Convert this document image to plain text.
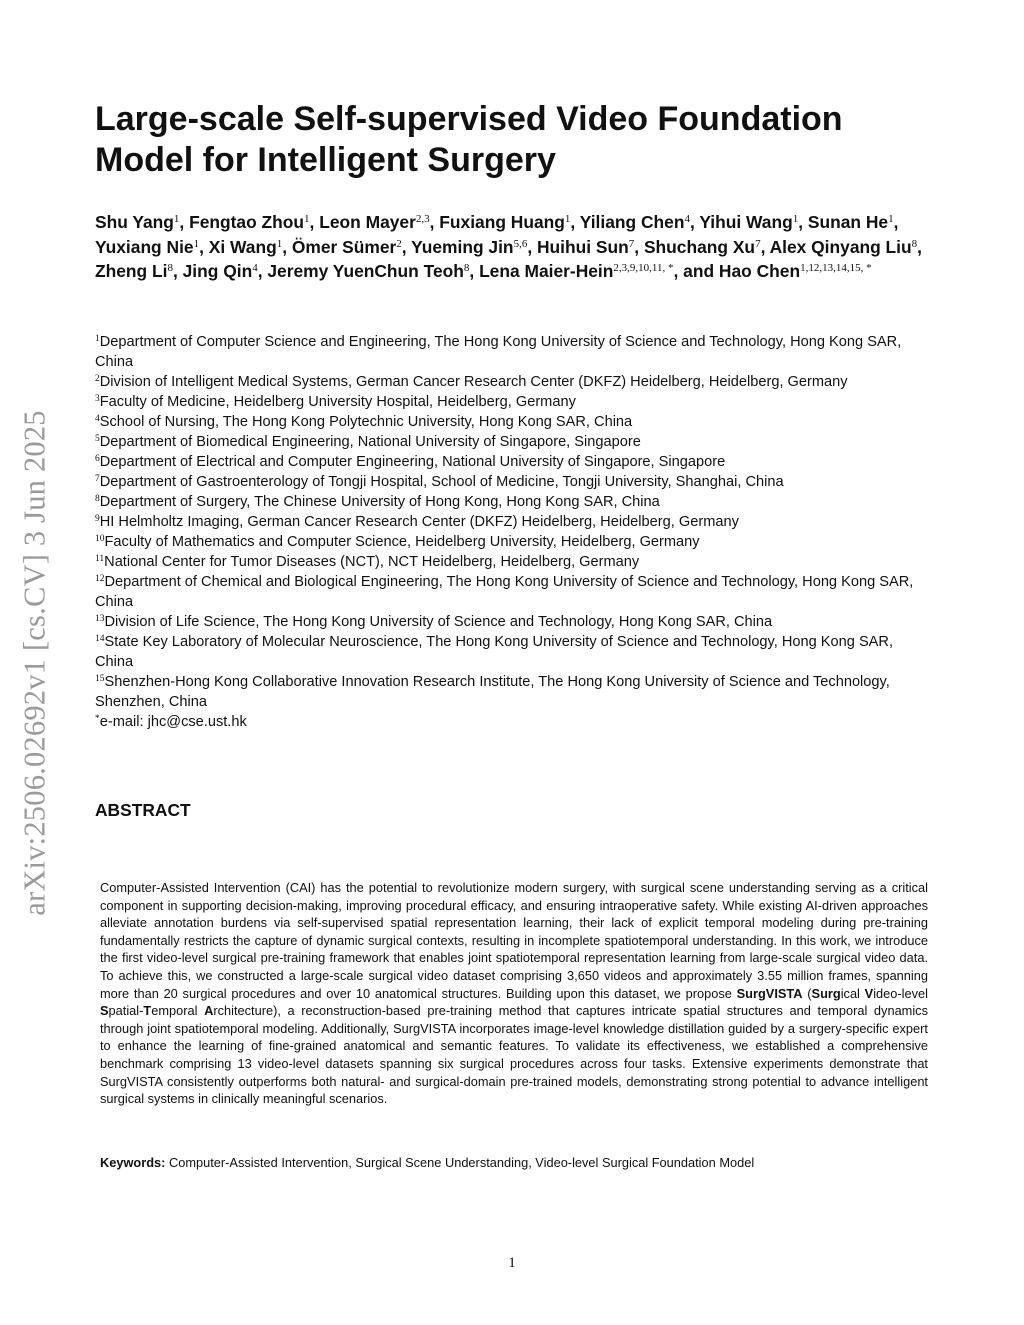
arXiv:2506.02692v1 [cs.CV] 3 Jun 2025
Large-scale Self-supervised Video Foundation Model for Intelligent Surgery
Shu Yang$^1$, Fengtao Zhou$^1$, Leon Mayer$^{2,3}$, Fuxiang Huang$^1$, Yiliang Chen$^4$, Yihui Wang$^1$, Sunan He$^1$, Yuxiang Nie$^1$, Xi Wang$^1$, Ömer Sümer$^2$, Yueming Jin$^{5,6}$, Huihui Sun$^7$, Shuchang Xu$^7$, Alex Qinyang Liu$^8$, Zheng Li$^8$, Jing Qin$^4$, Jeremy YuenChun Teoh$^8$, Lena Maier-Hein$^{2,3,9,10,11, *}$, and Hao Chen$^{1,12,13,14,15, *}$

$^1$Department of Computer Science and Engineering, The Hong Kong University of Science and Technology, Hong Kong SAR, China

$^2$Division of Intelligent Medical Systems, German Cancer Research Center (DKFZ) Heidelberg, Heidelberg, Germany

$^3$Faculty of Medicine, Heidelberg University Hospital, Heidelberg, Germany

$^4$School of Nursing, The Hong Kong Polytechnic University, Hong Kong SAR, China

$^5$Department of Biomedical Engineering, National University of Singapore, Singapore

$^6$Department of Electrical and Computer Engineering, National University of Singapore, Singapore

$^7$Department of Gastroenterology of Tongji Hospital, School of Medicine, Tongji University, Shanghai, China

$^8$Department of Surgery, The Chinese University of Hong Kong, Hong Kong SAR, China

$^9$HI Helmholtz Imaging, German Cancer Research Center (DKFZ) Heidelberg, Heidelberg, Germany

$^{10}$Faculty of Mathematics and Computer Science, Heidelberg University, Heidelberg, Germany

$^{11}$National Center for Tumor Diseases (NCT), NCT Heidelberg, Heidelberg, Germany

$^{12}$Department of Chemical and Biological Engineering, The Hong Kong University of Science and Technology, Hong Kong SAR, China

$^{13}$Division of Life Science, The Hong Kong University of Science and Technology, Hong Kong SAR, China

$^{14}$State Key Laboratory of Molecular Neuroscience, The Hong Kong University of Science and Technology, Hong Kong SAR, China

$^{15}$Shenzhen-Hong Kong Collaborative Innovation Research Institute, The Hong Kong University of Science and Technology, Shenzhen, China

*e-mail: jhc@cse.ust.hk

ABSTRACT

Computer-Assisted Intervention (CAI) has the potential to revolutionize modern surgery, with surgical scene understanding serving as a critical component in supporting decision-making, improving procedural efficacy, and ensuring intraoperative safety. While existing AI-driven approaches alleviate annotation burdens via self-supervised spatial representation learning, their lack of explicit temporal modeling during pre-training fundamentally restricts the capture of dynamic surgical contexts, resulting in incomplete spatiotemporal understanding. In this work, we introduce the first video-level surgical pre-training framework that enables joint spatiotemporal representation learning from large-scale surgical video data. To achieve this, we constructed a large-scale surgical video dataset comprising 3,650 videos and approximately 3.55 million frames, spanning more than 20 surgical procedures and over 10 anatomical structures. Building upon this dataset, we propose SurgVISTA (Surgical Video-level Spatial-Temporal Architecture), a reconstruction-based pre-training method that captures intricate spatial structures and temporal dynamics through joint spatiotemporal modeling. Additionally, SurgVISTA incorporates image-level knowledge distillation guided by a surgery-specific expert to enhance the learning of fine-grained anatomical and semantic features. To validate its effectiveness, we established a comprehensive benchmark comprising 13 video-level datasets spanning six surgical procedures across four tasks. Extensive experiments demonstrate that SurgVISTA consistently outperforms both natural- and surgical-domain pre-trained models, demonstrating strong potential to advance intelligent surgical systems in clinically meaningful scenarios.

Keywords: Computer-Assisted Intervention, Surgical Scene Understanding, Video-level Surgical Foundation Model

1
